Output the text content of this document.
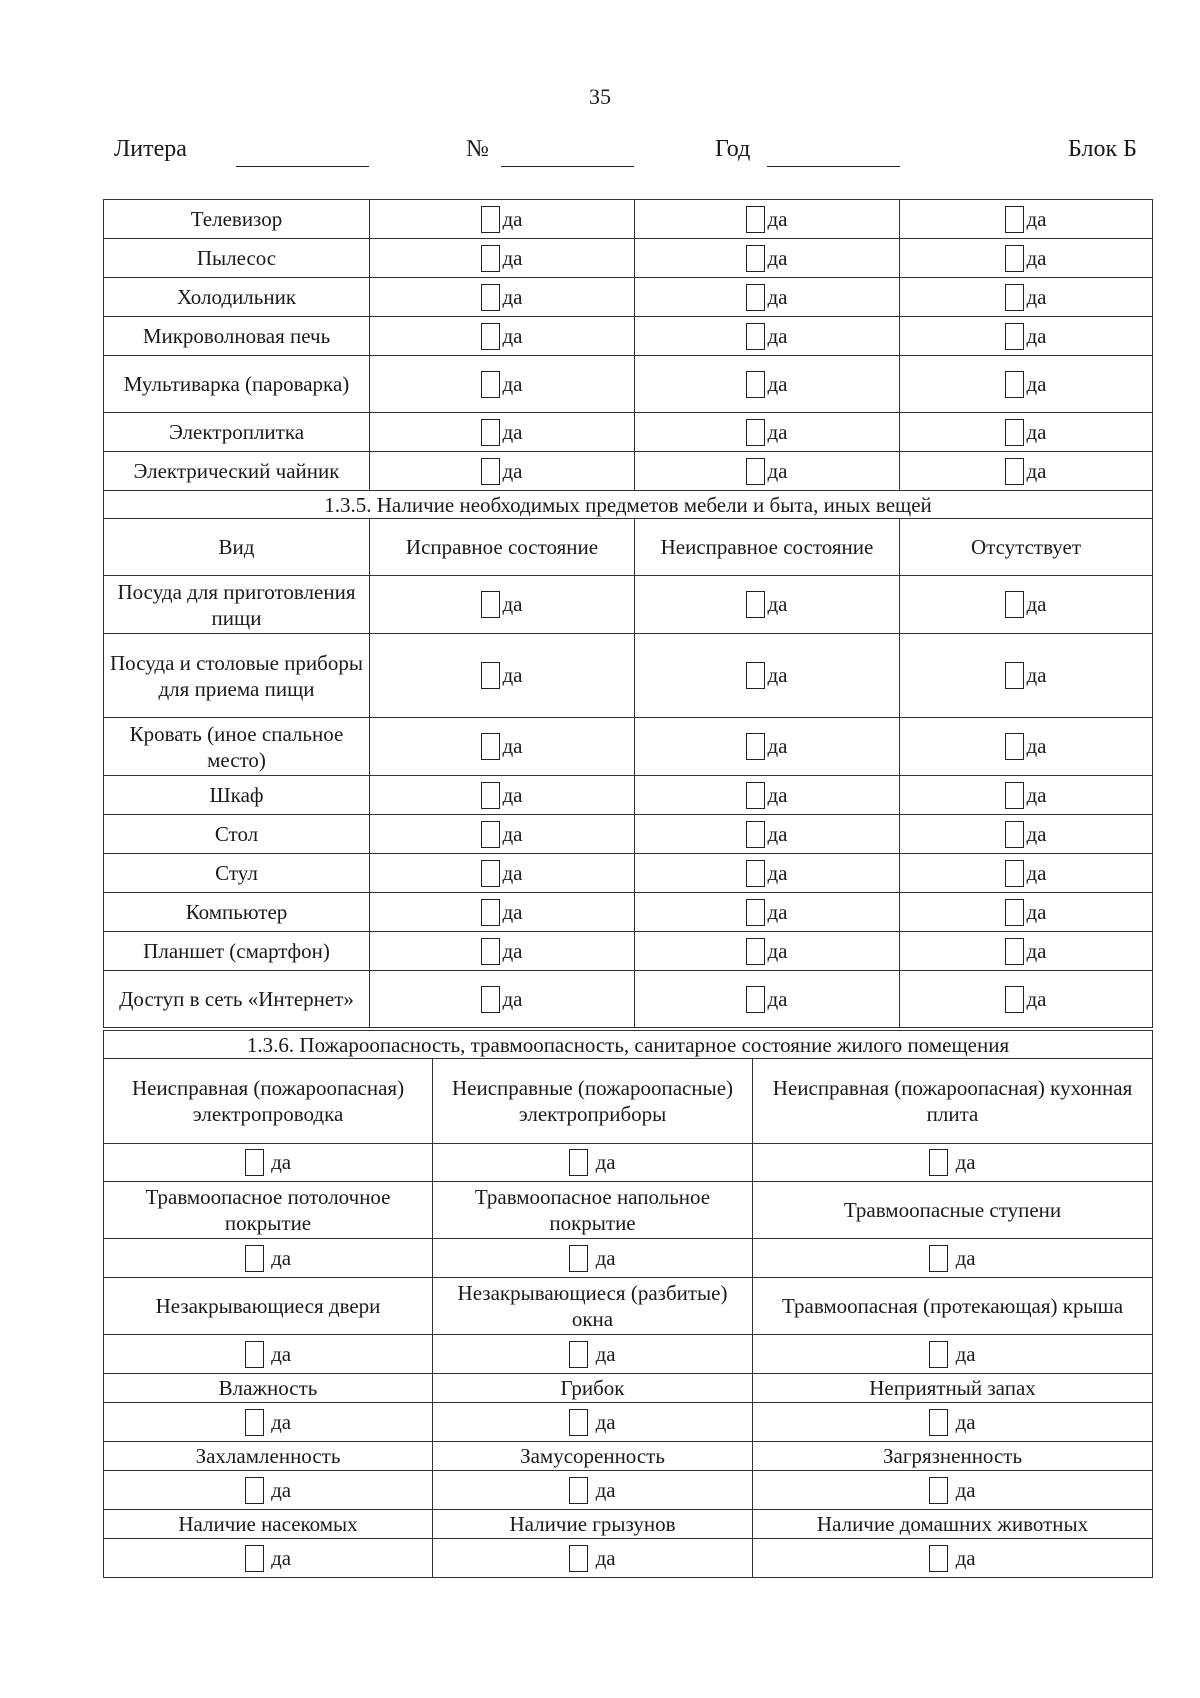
35
Литера	№	Год	Блок Б
Телевизор	да	да	да
Пылесос	да	да	да
Холодильник	да	да	да
Микроволновая печь	да	да	да
Мультиварка (пароварка)	да	да	да
Электроплитка	да	да	да
Электрический чайник	да	да	да
1.3.5. Наличие необходимых предметов мебели и быта, иных вещей			
Вид	Исправное состояние	Неисправное состояние	Отсутствует
Посуда для приготовления пищи	да	да	да
Посуда и столовые приборы для приема пищи	да	да	да
Кровать (иное спальное место)	да	да	да
Шкаф	да	да	да
Стол	да	да	да
Стул	да	да	да
Компьютер	да	да	да
Планшет (смартфон)	да	да	да
Доступ в сеть «Интернет»	да	да	да
1.3.6. Пожароопасность, травмоопасность, санитарное состояние жилого помещения		
Неисправная (пожароопасная) электропроводка	Неисправные (пожароопасные) электроприборы	Неисправная (пожароопасная) кухонная плита
да	да	да
Травмоопасное потолочное покрытие	Травмоопасное напольное покрытие	Травмоопасные ступени
да	да	да
Незакрывающиеся двери	Незакрывающиеся (разбитые) окна	Травмоопасная (протекающая) крыша
да	да	да
Влажность	Грибок	Неприятный запах
да	да	да
Захламленность	Замусоренность	Загрязненность
да	да	да
Наличие насекомых	Наличие грызунов	Наличие домашних животных
да	да	да
